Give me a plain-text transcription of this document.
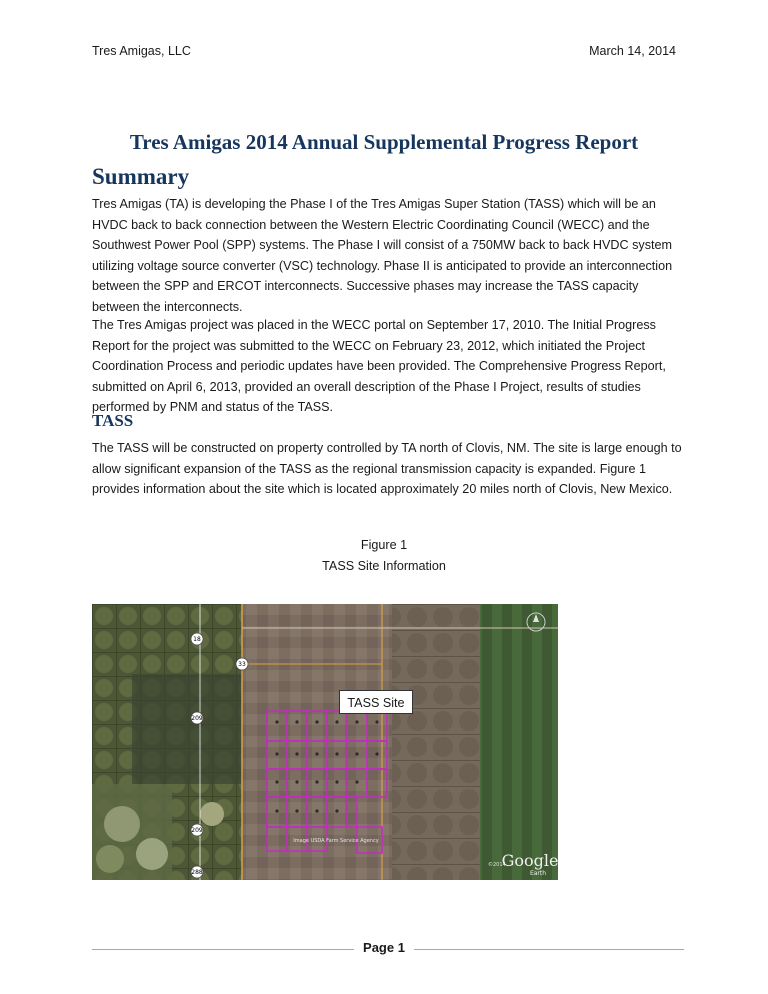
Tres Amigas, LLC	March 14, 2014
Tres Amigas 2014 Annual Supplemental Progress Report
Summary

Tres Amigas (TA) is developing the Phase I of the Tres Amigas Super Station (TASS) which will be an HVDC back to back connection between the Western Electric Coordinating Council (WECC) and the Southwest Power Pool (SPP) systems. The Phase I will consist of a 750MW back to back HVDC system utilizing voltage source converter (VSC) technology. Phase II is anticipated to provide an interconnection between the SPP and ERCOT interconnects. Successive phases may increase the TASS capacity between the interconnects.

The Tres Amigas project was placed in the WECC portal on September 17, 2010. The Initial Progress Report for the project was submitted to the WECC on February 23, 2012, which initiated the Project Coordination Process and periodic updates have been provided. The Comprehensive Progress Report, submitted on April 6, 2013, provided an overall description of the Phase I Project, results of studies performed by PNM and status of the TASS.

TASS

The TASS will be constructed on property controlled by TA north of Clovis, NM. The site is large enough to allow significant expansion of the TASS as the regional transmission capacity is expanded. Figure 1 provides information about the site which is located approximately 20 miles north of Clovis, New Mexico.

Figure 1
TASS Site Information
18
33
209
209
288
Image USDA Farm Service Agency
©2014
Google
Earth
TASS Site
Page 1
